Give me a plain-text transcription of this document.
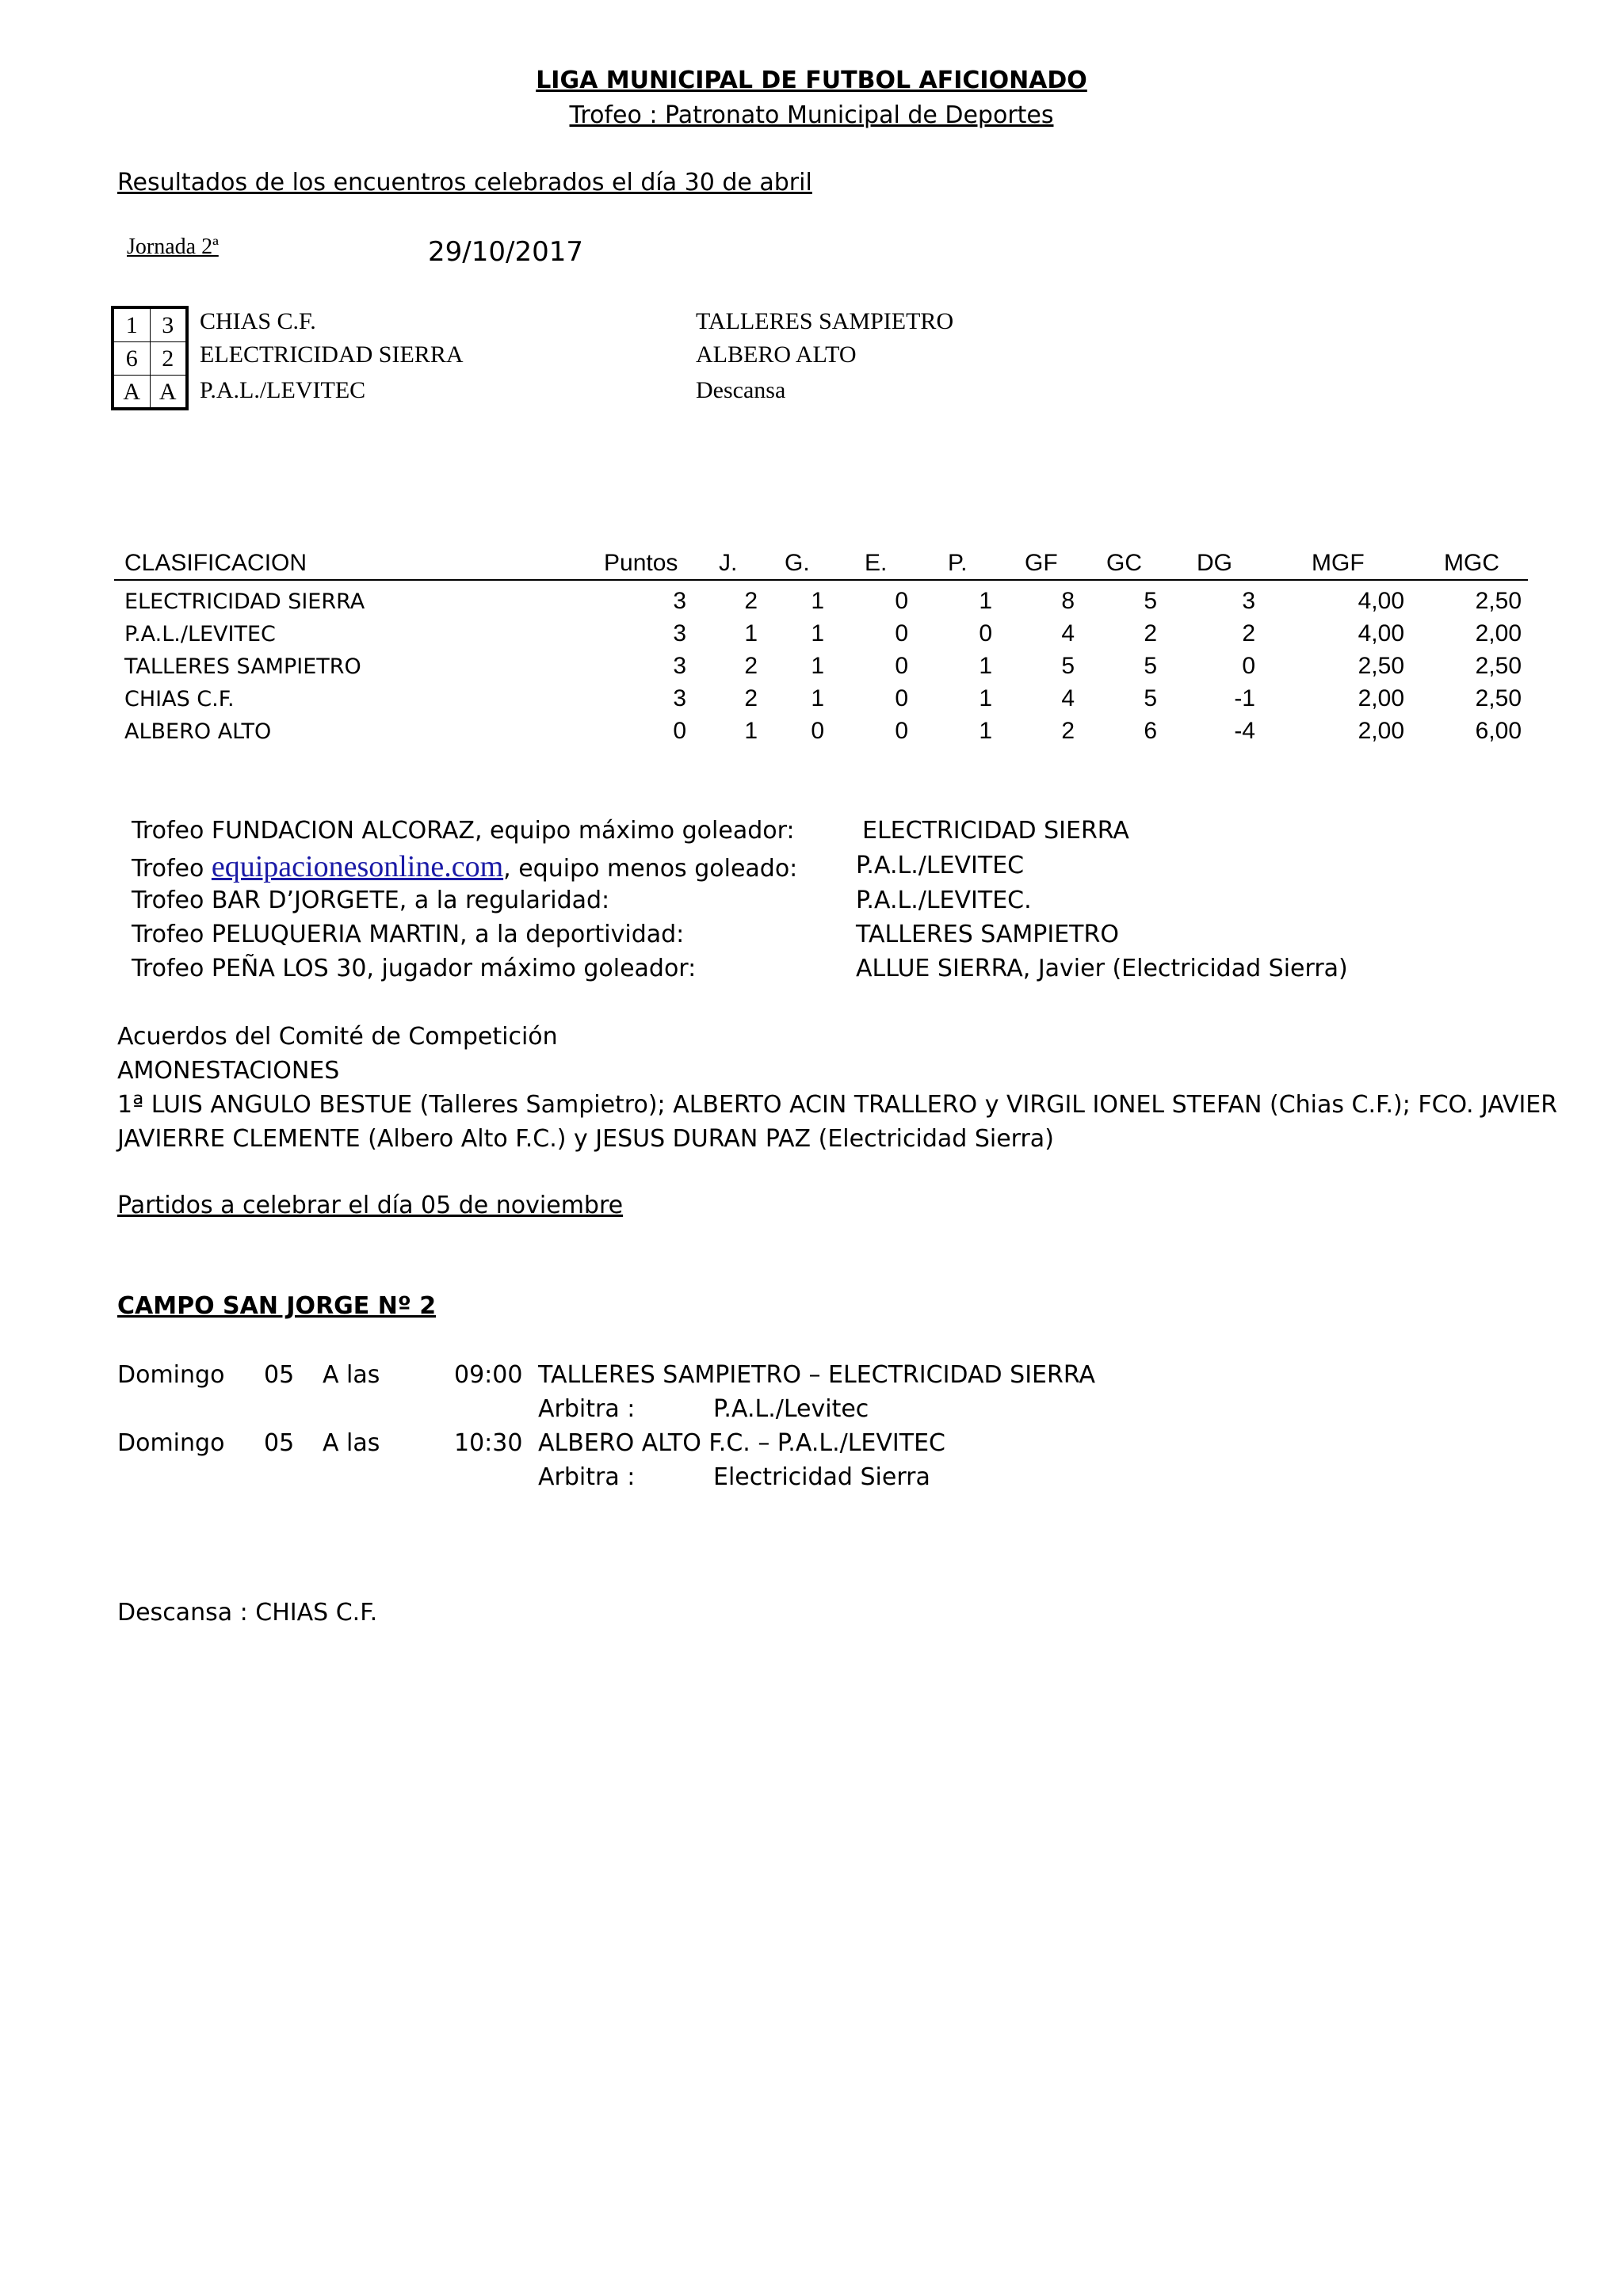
LIGA MUNICIPAL DE FUTBOL AFICIONADO
Trofeo : Patronato Municipal de Deportes
Resultados de los encuentros celebrados el día 30 de abril
Jornada 2ª	29/10/2017
1	3
6	2
A A
CHIAS C.F.	TALLERES SAMPIETRO
ELECTRICIDAD SIERRA	ALBERO ALTO
P.A.L./LEVITEC	Descansa
CLASIFICACION	Puntos J. G. E.	P. GF GC DG	MGF	MGC
ELECTRICIDAD SIERRA	3	2	1	0	1	8	5	3	4,00	2,50
P.A.L./LEVITEC	3	1	1	0	0	4	2	2	4,00	2,00
TALLERES SAMPIETRO	3	2	1	0	1	5	5	0	2,50	2,50
CHIAS C.F.	3	2	1	0	1	4	5	-1	2,00	2,50
ALBERO ALTO	0	1	0	0	1	2	6	-4	2,00	6,00
Trofeo FUNDACION ALCORAZ, equipo máximo goleador:	ELECTRICIDAD SIERRA
Trofeo equipacionesonline.com, equipo menos goleado: P.A.L./LEVITEC
Trofeo BAR D’JORGETE, a la regularidad:	P.A.L./LEVITEC.
Trofeo PELUQUERIA MARTIN, a la deportividad:	TALLERES SAMPIETRO
Trofeo PEÑA LOS 30, jugador máximo goleador:	ALLUE SIERRA, Javier (Electricidad Sierra)
Acuerdos del Comité de Competición
AMONESTACIONES
1ª LUIS ANGULO BESTUE (Talleres Sampietro); ALBERTO ACIN TRALLERO y VIRGIL IONEL STEFAN (Chias C.F.); FCO. JAVIER
JAVIERRE CLEMENTE (Albero Alto F.C.) y JESUS DURAN PAZ (Electricidad Sierra)
Partidos a celebrar el día 05 de noviembre
CAMPO SAN JORGE Nº 2
Domingo 05 A las	09:00 TALLERES SAMPIETRO – ELECTRICIDAD SIERRA
Arbitra :	P.A.L./Levitec
Domingo 05 A las	10:30 ALBERO ALTO F.C. – P.A.L./LEVITEC
Arbitra :	Electricidad Sierra
Descansa : CHIAS C.F.
